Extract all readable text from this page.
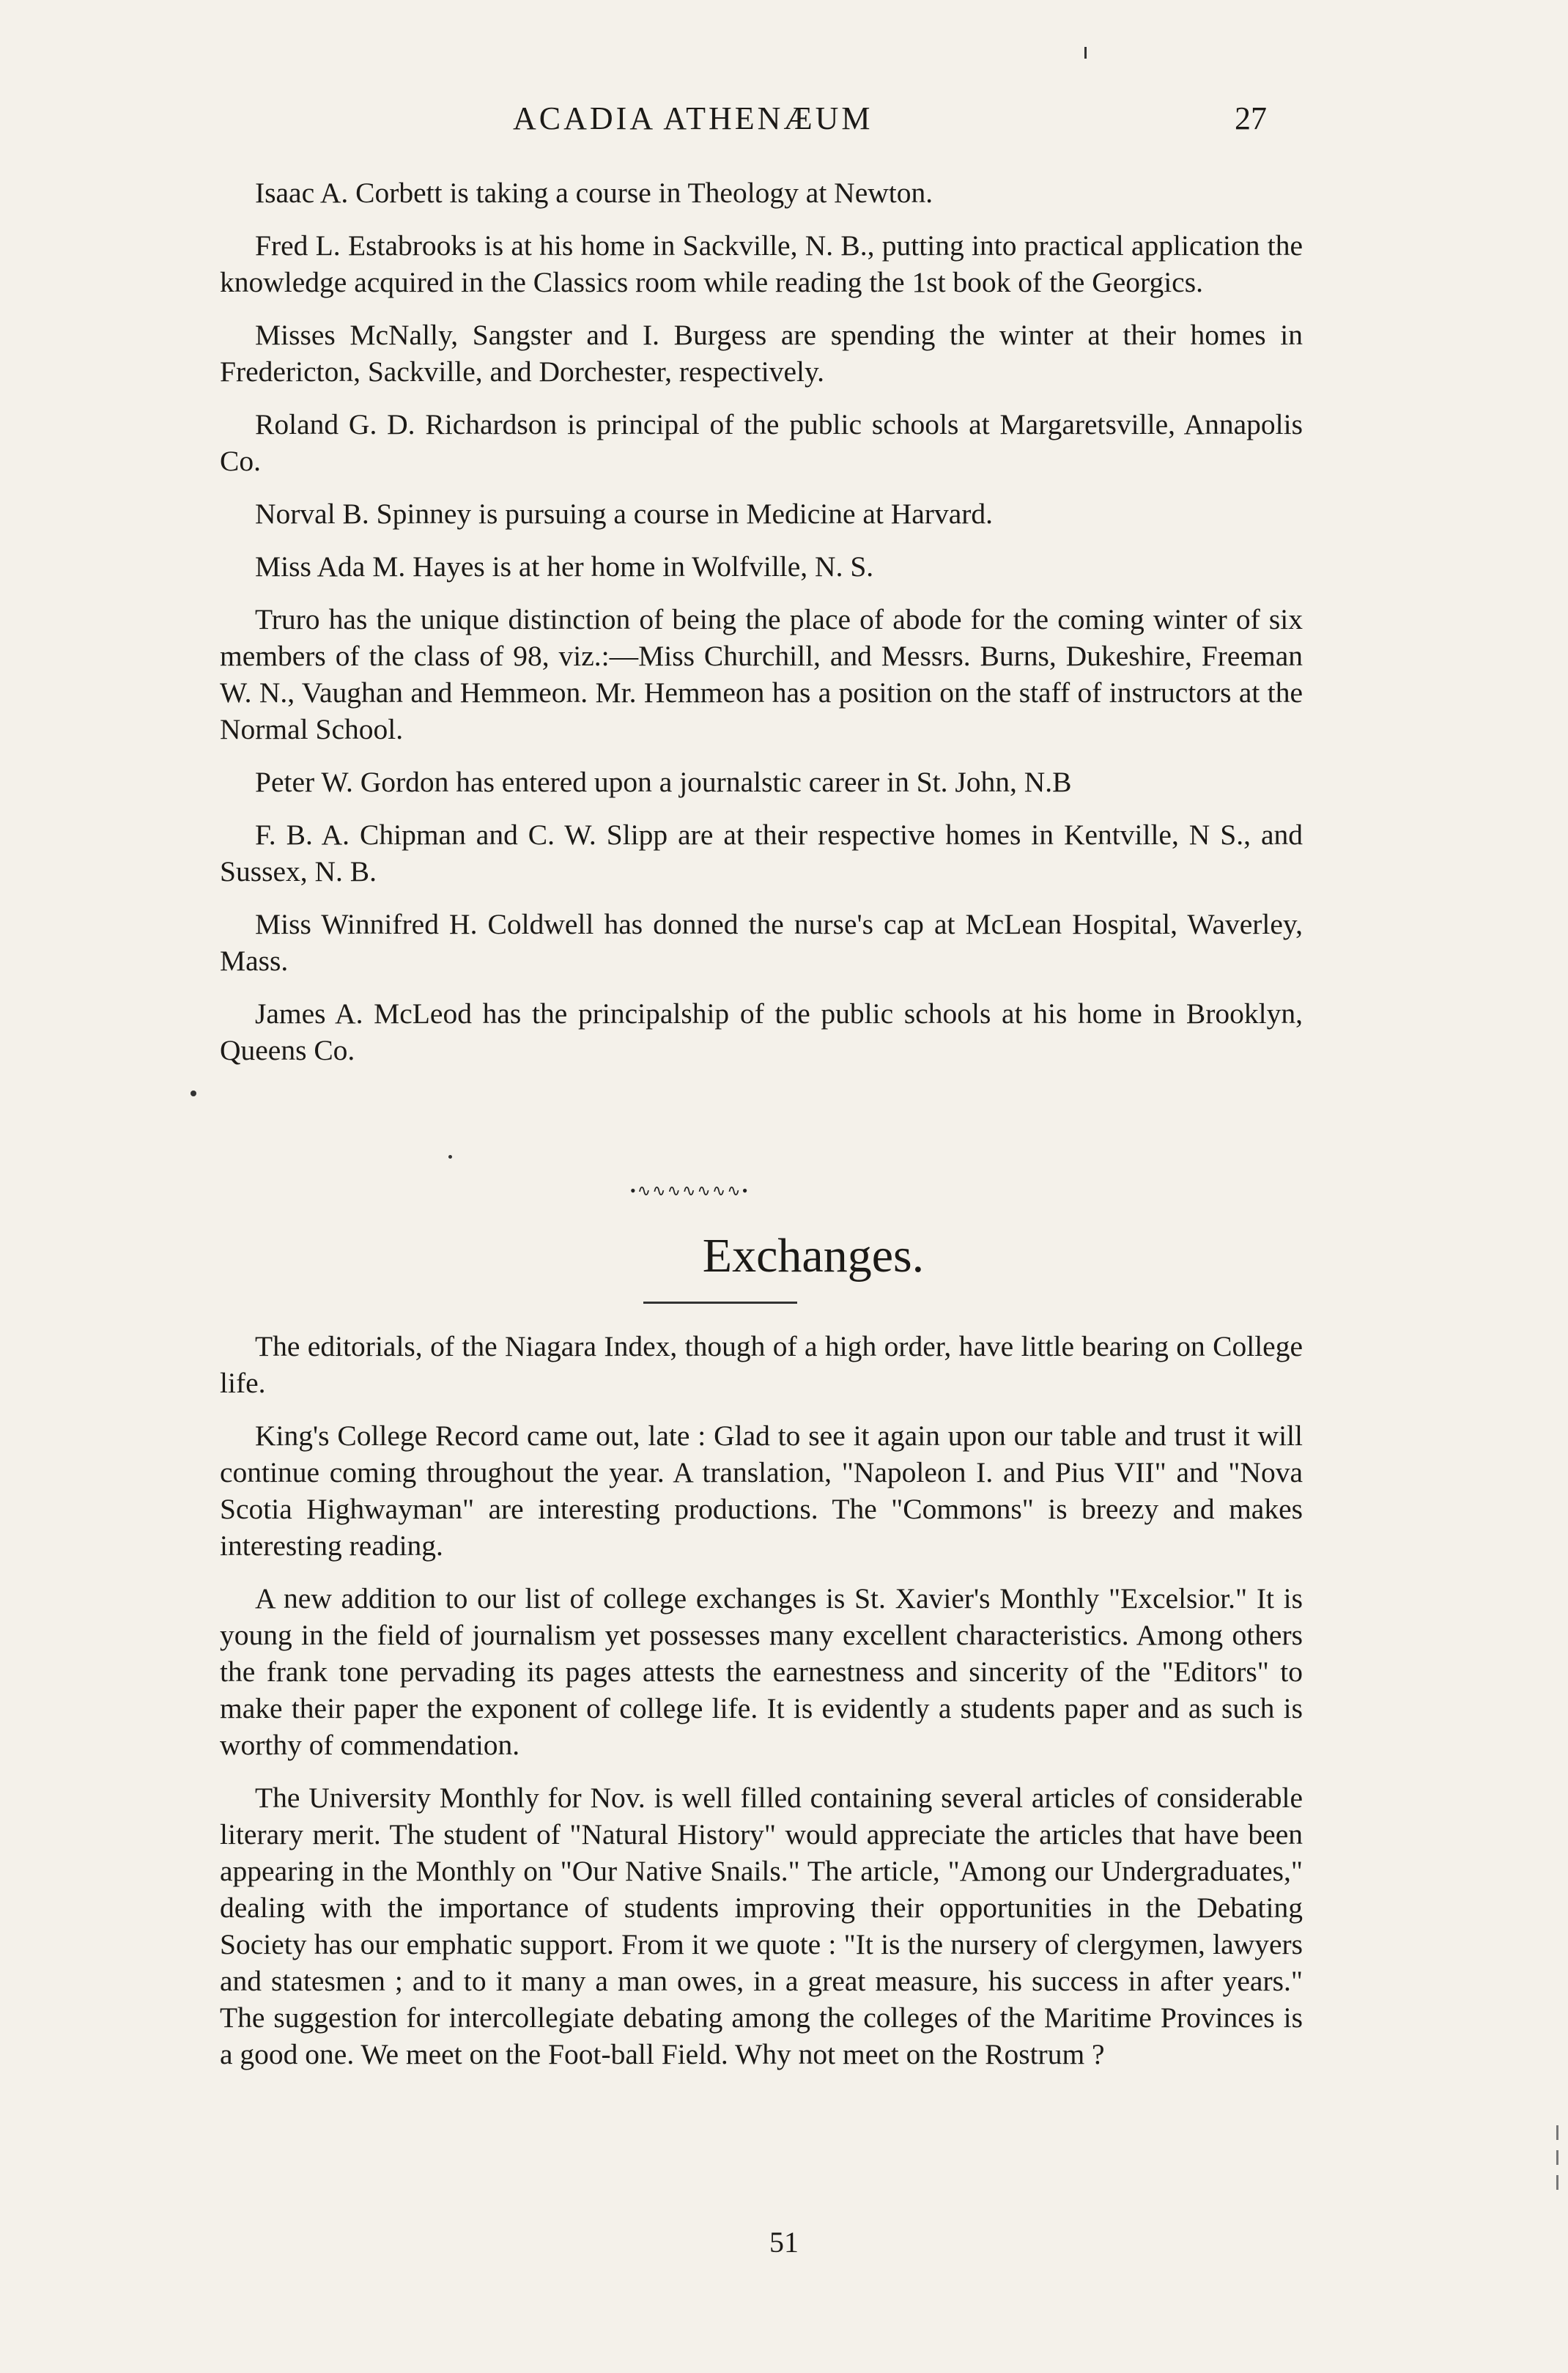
ACADIA ATHENÆUM	27

Isaac A. Corbett is taking a course in Theology at Newton.

Fred L. Estabrooks is at his home in Sackville, N. B., putting into practical application the knowledge acquired in the Classics room while reading the 1st book of the Georgics.

Misses McNally, Sangster and I. Burgess are spending the winter at their homes in Fredericton, Sackville, and Dorchester, respectively.

Roland G. D. Richardson is principal of the public schools at Margaretsville, Annapolis Co.

Norval B. Spinney is pursuing a course in Medicine at Harvard.

Miss Ada M. Hayes is at her home in Wolfville, N. S.

Truro has the unique distinction of being the place of abode for the coming winter of six members of the class of 98, viz.:—Miss Churchill, and Messrs. Burns, Dukeshire, Freeman W. N., Vaughan and Hemmeon. Mr. Hemmeon has a position on the staff of instructors at the Normal School.

Peter W. Gordon has entered upon a journalstic career in St. John, N.B

F. B. A. Chipman and C. W. Slipp are at their respective homes in Kentville, N S., and Sussex, N. B.

Miss Winnifred H. Coldwell has donned the nurse's cap at McLean Hospital, Waverley, Mass.

James A. McLeod has the principalship of the public schools at his home in Brooklyn, Queens Co.

•∿∿∿∿∿∿∿•
Exchanges.

The editorials, of the Niagara Index, though of a high order, have little bearing on College life.

King's College Record came out, late : Glad to see it again upon our table and trust it will continue coming throughout the year. A translation, "Napoleon I. and Pius VII" and "Nova Scotia Highwayman" are interesting productions. The "Commons" is breezy and makes interesting reading.

A new addition to our list of college exchanges is St. Xavier's Monthly "Excelsior." It is young in the field of journalism yet possesses many excellent characteristics. Among others the frank tone pervading its pages attests the earnestness and sincerity of the "Editors" to make their paper the exponent of college life. It is evidently a students paper and as such is worthy of commendation.

The University Monthly for Nov. is well filled containing several articles of considerable literary merit. The student of "Natural History" would appreciate the articles that have been appearing in the Monthly on "Our Native Snails." The article, "Among our Undergraduates," dealing with the importance of students improving their opportunities in the Debating Society has our emphatic support. From it we quote : "It is the nursery of clergymen, lawyers and statesmen ; and to it many a man owes, in a great measure, his success in after years." The suggestion for intercollegiate debating among the colleges of the Maritime Provinces is a good one. We meet on the Foot-ball Field. Why not meet on the Rostrum ?

51
